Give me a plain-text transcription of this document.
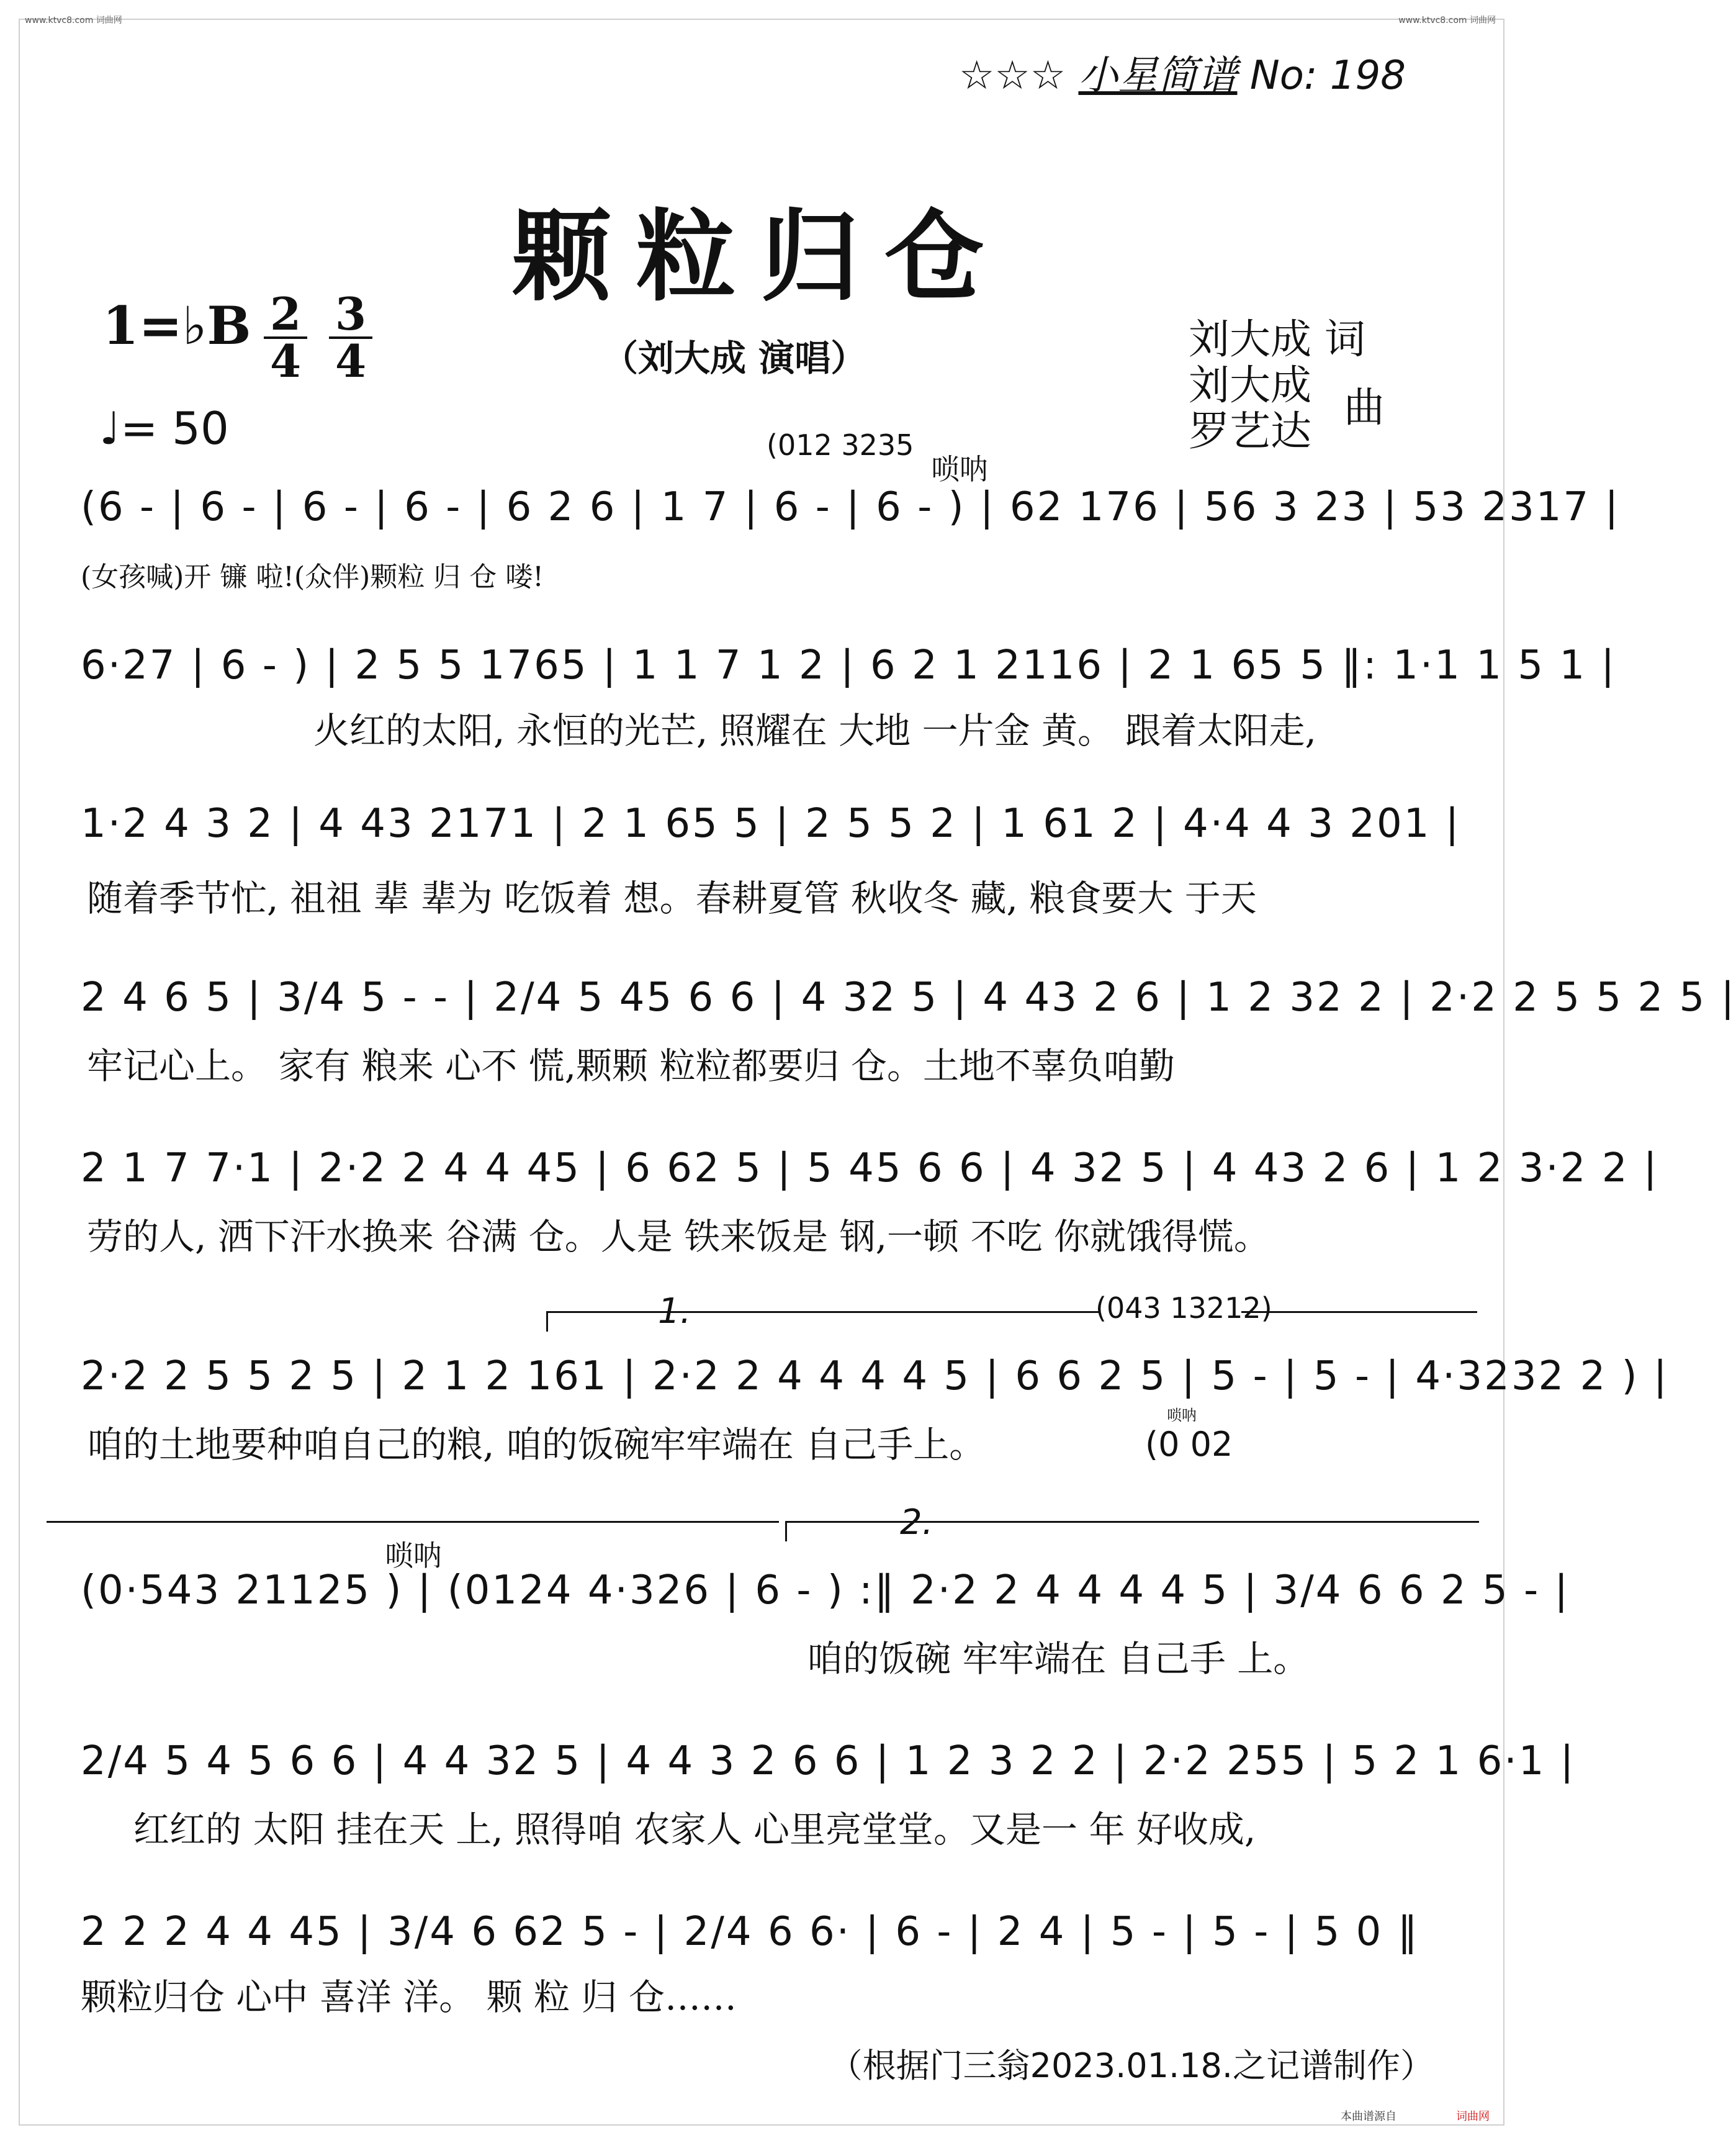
www.ktvc8.com 词曲网	www.ktvc8.com 词曲网
☆☆☆ 小星简谱 No: 198
颗粒归仓
1=♭B $\frac{2}{4} \frac{3}{4}$
♩= 50
（刘大成 演唱）	刘大成 词
刘大成
罗艺达 曲
(012 3235
唢呐
(6 - | 6 - | 6 - | 6 - | 6 2 6 | 1 7 | 6 - | 6 - ) | 62 176 | 56 3 23 | 53 2317 |
(女孩喊)开 镰 啦!(众伴)颗粒 归 仓 喽!
6·27 | 6 - ) | 2 5 5 1765 | 1 1 7 1 2 | 6 2 1 2116 | 2 1 65 5 ‖: 1·1 1 5 1 |
火红的太阳, 永恒的光芒, 照耀在 大地 一片金 黄。 跟着太阳走,
1·2 4 3 2 | 4 43 2171 | 2 1 65 5 | 2 5 5 2 | 1 61 2 | 4·4 4 3 201 |
随着季节忙, 祖祖 辈 辈为 吃饭着 想。春耕夏管 秋收冬 藏, 粮食要大 于天
2 4 6 5 | 3/4 5 - - | 2/4 5 45 6 6 | 4 32 5 | 4 43 2 6 | 1 2 32 2 | 2·2 2 5 5 2 5 |
牢记心上。 家有 粮来 心不 慌,颗颗 粒粒都要归 仓。土地不辜负咱勤
2 1 7 7·1 | 2·2 2 4 4 45 | 6 62 5 | 5 45 6 6 | 4 32 5 | 4 43 2 6 | 1 2 3·2 2 |
劳的人, 洒下汗水换来 谷满 仓。人是 铁来饭是 钢,一顿 不吃 你就饿得慌。
1.	(043 13212)
2·2 2 5 5 2 5 | 2 1 2 161 | 2·2 2 4 4 4 4 5 | 6 6 2 5 | 5 - | 5 - | 4·3232 2 ) |
咱的土地要种咱自己的粮, 咱的饭碗牢牢端在 自己手上。
唢呐
(0 02
2.
唢呐
(0·543 21125 ) | (0124 4·326 | 6 - ) :‖ 2·2 2 4 4 4 4 5 | 3/4 6 6 2 5 - |
咱的饭碗 牢牢端在 自己手 上。
2/4 5 4 5 6 6 | 4 4 32 5 | 4 4 3 2 6 6 | 1 2 3 2 2 | 2·2 255 | 5 2 1 6·1 |
红红的 太阳 挂在天 上, 照得咱 农家人 心里亮堂堂。又是一 年 好收成,
2 2 2 4 4 45 | 3/4 6 62 5 - | 2/4 6 6· | 6 - | 2 4 | 5 - | 5 - | 5 0 ‖
颗粒归仓 心中 喜洋 洋。 颗 粒 归 仓……
（根据门三翁2023.01.18.之记谱制作）
本曲谱源自	词曲网
